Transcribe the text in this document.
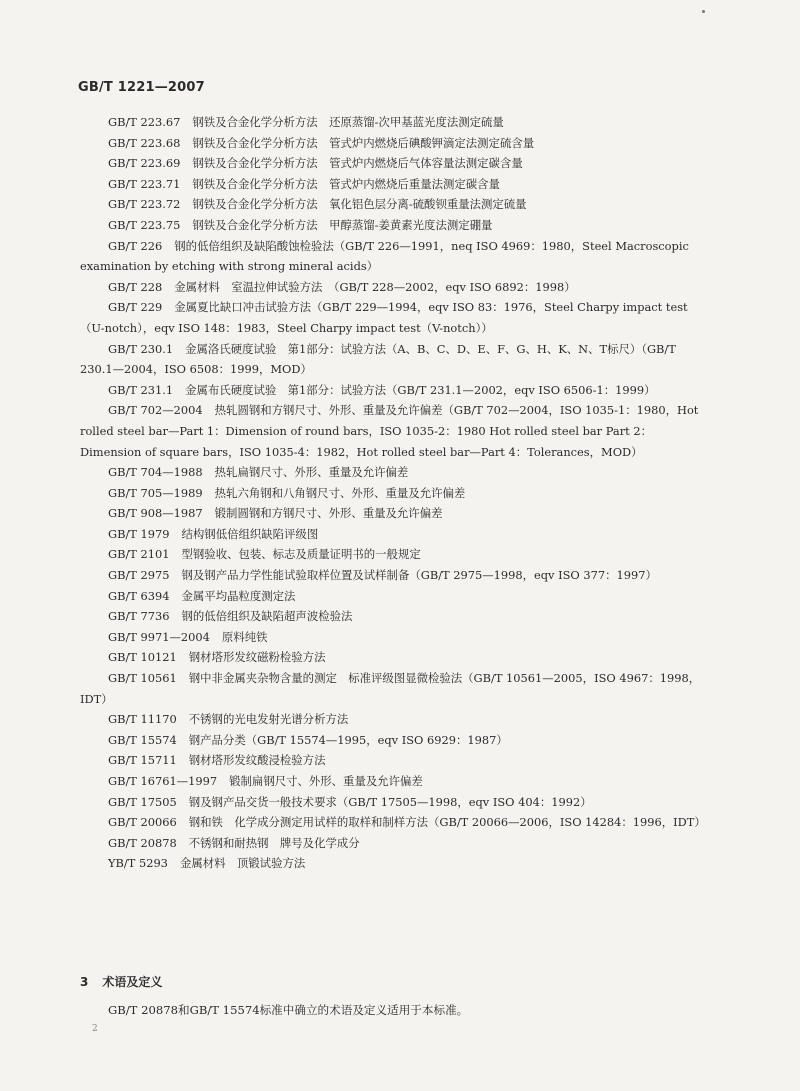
GB/T 1221—2007

GB/T 223.67 钢铁及合金化学分析方法　还原蒸馏-次甲基蓝光度法测定硫量

GB/T 223.68 钢铁及合金化学分析方法　管式炉内燃烧后碘酸钾滴定法测定硫含量

GB/T 223.69 钢铁及合金化学分析方法　管式炉内燃烧后气体容量法测定碳含量

GB/T 223.71 钢铁及合金化学分析方法　管式炉内燃烧后重量法测定碳含量

GB/T 223.72 钢铁及合金化学分析方法　氧化铝色层分离-硫酸钡重量法测定硫量

GB/T 223.75 钢铁及合金化学分析方法　甲醇蒸馏-姜黄素光度法测定硼量

GB/T 226 钢的低倍组织及缺陷酸蚀检验法（GB/T 226—1991，neq ISO 4969：1980，Steel Macroscopic examination by etching with strong mineral acids）

GB/T 228 金属材料　室温拉伸试验方法　（GB/T 228—2002，eqv ISO 6892：1998）

GB/T 229 金属夏比缺口冲击试验方法（GB/T 229—1994，eqv ISO 83：1976，Steel Charpy impact test（U-notch），eqv ISO 148：1983，Steel Charpy impact test（V-notch））

GB/T 230.1 金属洛氏硬度试验　第1部分：试验方法（A、B、C、D、E、F、G、H、K、N、T标尺）（GB/T 230.1—2004，ISO 6508：1999，MOD）

GB/T 231.1 金属布氏硬度试验　第1部分：试验方法（GB/T 231.1—2002，eqv ISO 6506-1：1999）

GB/T 702—2004 热轧圆钢和方钢尺寸、外形、重量及允许偏差（GB/T 702—2004，ISO 1035-1：1980，Hot rolled steel bar—Part 1：Dimension of round bars，ISO 1035-2：1980 Hot rolled steel bar Part 2：Dimension of square bars，ISO 1035-4：1982，Hot rolled steel bar—Part 4：Tolerances，MOD）

GB/T 704—1988 热轧扁钢尺寸、外形、重量及允许偏差

GB/T 705—1989 热轧六角钢和八角钢尺寸、外形、重量及允许偏差

GB/T 908—1987 锻制圆钢和方钢尺寸、外形、重量及允许偏差

GB/T 1979 结构钢低倍组织缺陷评级图

GB/T 2101 型钢验收、包装、标志及质量证明书的一般规定

GB/T 2975 钢及钢产品力学性能试验取样位置及试样制备（GB/T 2975—1998，eqv ISO 377：1997）

GB/T 6394 金属平均晶粒度测定法

GB/T 7736 钢的低倍组织及缺陷超声波检验法

GB/T 9971—2004 原料纯铁

GB/T 10121 钢材塔形发纹磁粉检验方法

GB/T 10561 钢中非金属夹杂物含量的测定　标准评级图显微检验法（GB/T 10561—2005，ISO 4967：1998，IDT）

GB/T 11170 不锈钢的光电发射光谱分析方法

GB/T 15574 钢产品分类（GB/T 15574—1995，eqv ISO 6929：1987）

GB/T 15711 钢材塔形发纹酸浸检验方法

GB/T 16761—1997 锻制扁钢尺寸、外形、重量及允许偏差

GB/T 17505 钢及钢产品交货一般技术要求（GB/T 17505—1998，eqv ISO 404：1992）

GB/T 20066 钢和铁　化学成分测定用试样的取样和制样方法（GB/T 20066—2006，ISO 14284：1996，IDT）

GB/T 20878 不锈钢和耐热钢　牌号及化学成分

YB/T 5293 金属材料　顶锻试验方法

3 术语及定义
GB/T 20878和GB/T 15574标准中确立的术语及定义适用于本标准。
2
